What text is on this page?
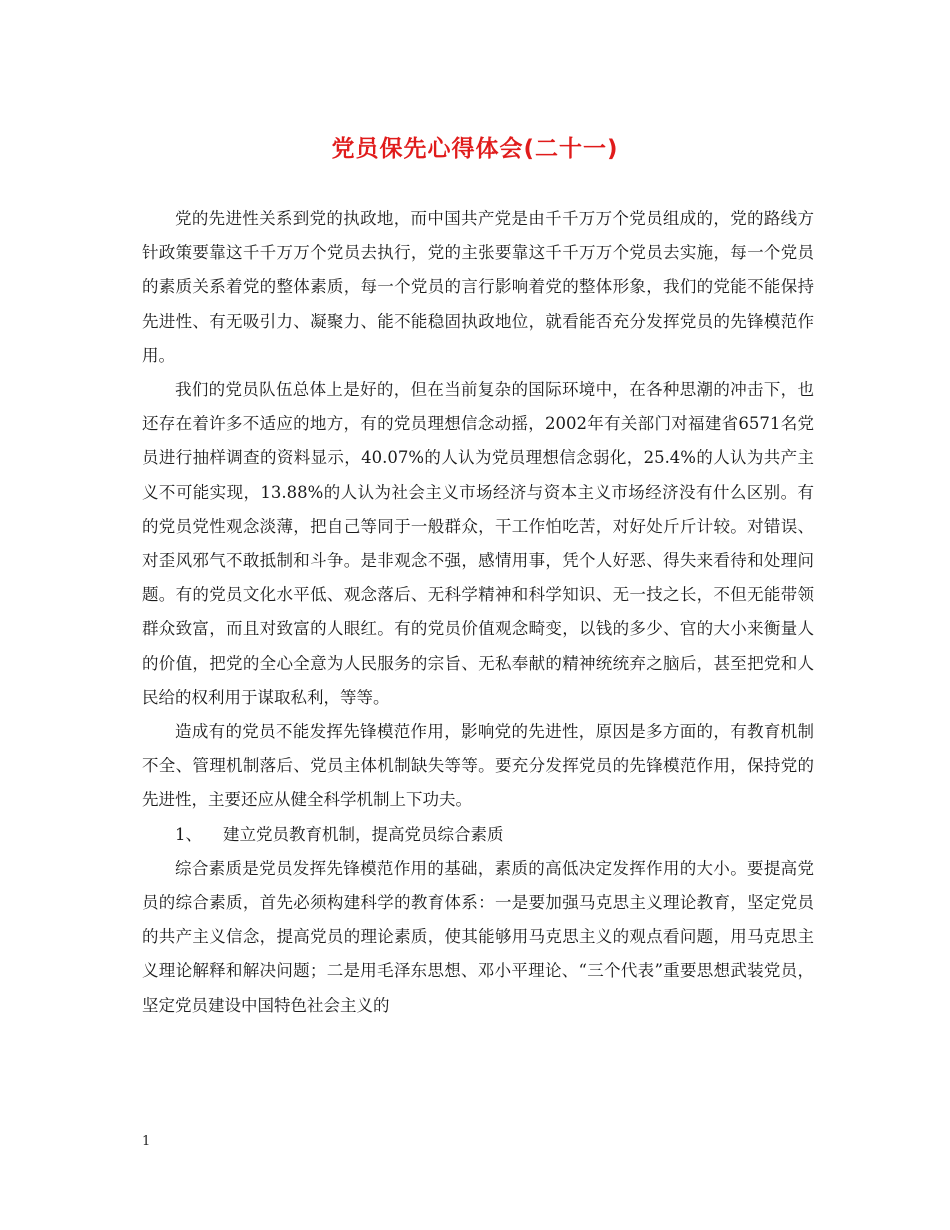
党员保先心得体会(二十一)

党的先进性关系到党的执政地，而中国共产党是由千千万万个党员组成的，党的路线方针政策要靠这千千万万个党员去执行，党的主张要靠这千千万万个党员去实施，每一个党员的素质关系着党的整体素质，每一个党员的言行影响着党的整体形象，我们的党能不能保持先进性、有无吸引力、凝聚力、能不能稳固执政地位，就看能否充分发挥党员的先锋模范作用。

我们的党员队伍总体上是好的，但在当前复杂的国际环境中，在各种思潮的冲击下，也还存在着许多不适应的地方，有的党员理想信念动摇，2002年有关部门对福建省6571名党员进行抽样调查的资料显示，40.07%的人认为党员理想信念弱化，25.4%的人认为共产主义不可能实现，13.88%的人认为社会主义市场经济与资本主义市场经济没有什么区别。有的党员党性观念淡薄，把自己等同于一般群众，干工作怕吃苦，对好处斤斤计较。对错误、对歪风邪气不敢抵制和斗争。是非观念不强，感情用事，凭个人好恶、得失来看待和处理问题。有的党员文化水平低、观念落后、无科学精神和科学知识、无一技之长，不但无能带领群众致富，而且对致富的人眼红。有的党员价值观念畸变，以钱的多少、官的大小来衡量人的价值，把党的全心全意为人民服务的宗旨、无私奉献的精神统统弃之脑后，甚至把党和人民给的权利用于谋取私利，等等。

造成有的党员不能发挥先锋模范作用，影响党的先进性，原因是多方面的，有教育机制不全、管理机制落后、党员主体机制缺失等等。要充分发挥党员的先锋模范作用，保持党的先进性，主要还应从健全科学机制上下功夫。

1、 建立党员教育机制，提高党员综合素质

综合素质是党员发挥先锋模范作用的基础，素质的高低决定发挥作用的大小。要提高党员的综合素质，首先必须构建科学的教育体系：一是要加强马克思主义理论教育，坚定党员的共产主义信念，提高党员的理论素质，使其能够用马克思主义的观点看问题，用马克思主义理论解释和解决问题；二是用毛泽东思想、邓小平理论、“三个代表”重要思想武装党员，坚定党员建设中国特色社会主义的

1
